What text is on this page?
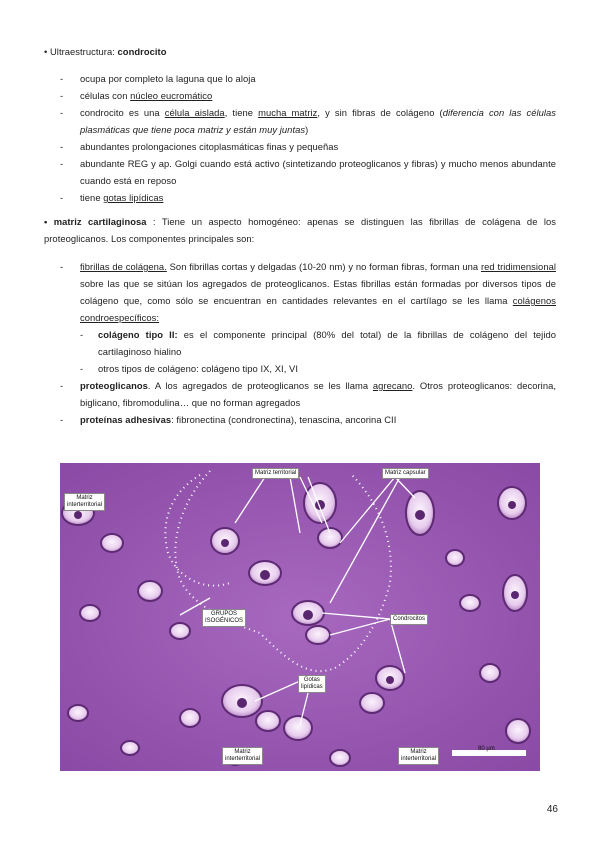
• Ultraestructura: condrocito
- ocupa por completo la laguna que lo aloja
- células con núcleo eucromático
- condrocito es una célula aislada, tiene mucha matriz, y sin fibras de colágeno (diferencia con las células plasmáticas que tiene poca matriz y están muy juntas)
- abundantes prolongaciones citoplasmáticas finas y pequeñas
- abundante REG y ap. Golgi cuando está activo (sintetizando proteoglicanos y fibras) y mucho menos abundante cuando está en reposo
- tiene gotas lipídicas
• matriz cartilaginosa : Tiene un aspecto homogéneo: apenas se distinguen las fibrillas de colágena de los proteoglicanos. Los componentes principales son:
- fibrillas de colágena. Son fibrillas cortas y delgadas (10-20 nm) y no forman fibras, forman una red tridimensional sobre las que se sitúan los agregados de proteoglicanos. Estas fibrillas están formadas por diversos tipos de colágeno que, como sólo se encuentran en cantidades relevantes en el cartílago se les llama colágenos condroespecíficos:
- colágeno tipo II: es el componente principal (80% del total) de la fibrillas de colágeno del tejido cartilaginoso hialino
- otros tipos de colágeno: colágeno tipo IX, XI, VI
- proteoglicanos. A los agregados de proteoglicanos se les llama agrecano. Otros proteoglicanos: decorina, biglicano, fibromodulina… que no forman agregados
- proteínas adhesivas: fibronectina (condronectina), tenascina, ancorina CII
Matriz territorial	Matriz capsular
Matriz
interterritorial
GRUPOS
ISOGÉNICOS	Condrocitos
Gotas
lipídicas
Matriz
interterritorial
Matriz
interterritorial
80 µm
46
